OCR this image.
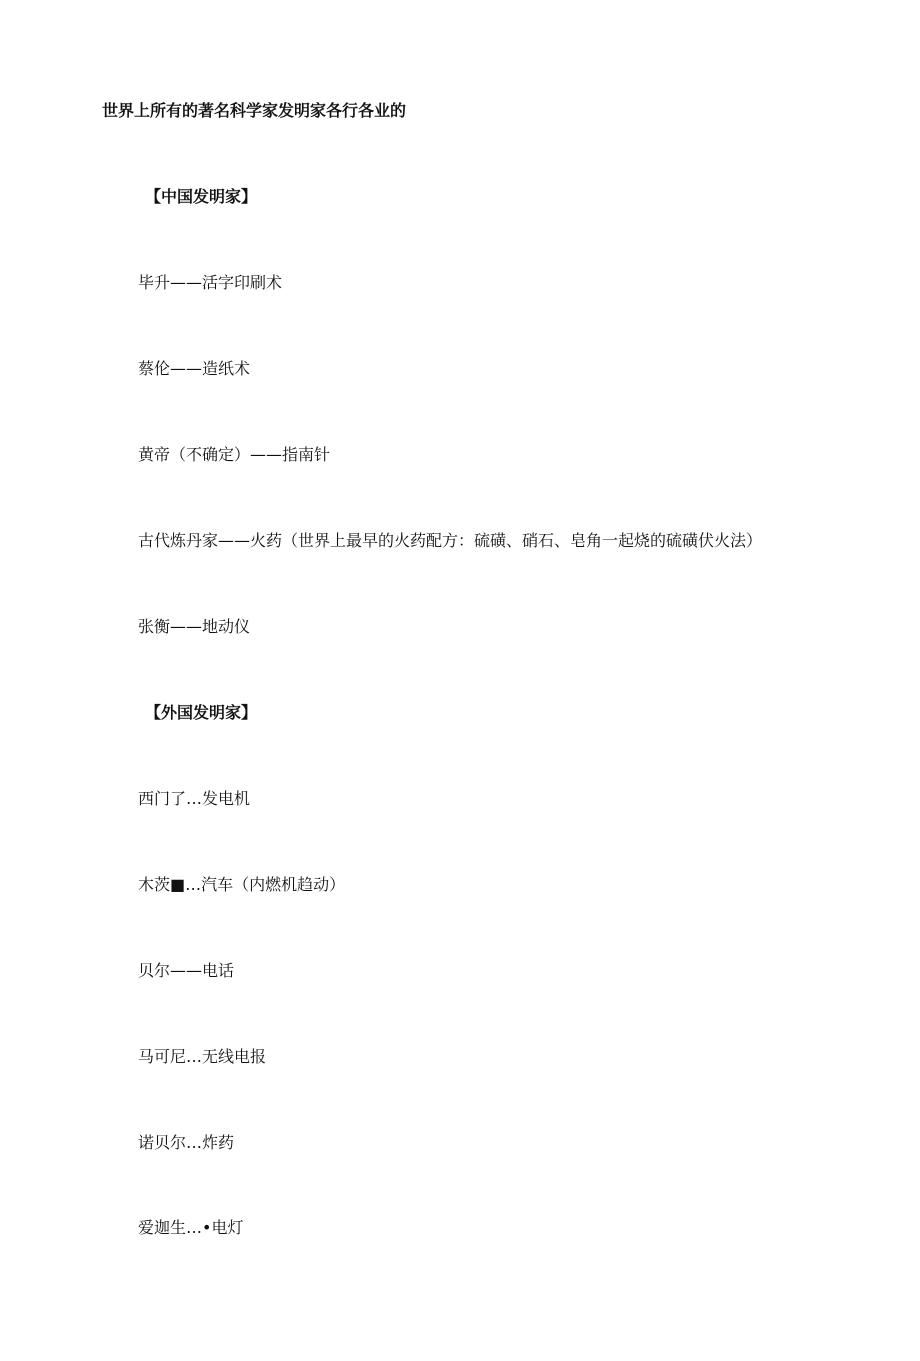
世界上所有的著名科学家发明家各行各业的
【中国发明家】
毕升——活字印刷术
蔡伦——造纸术
黄帝（不确定）——指南针
古代炼丹家——火药（世界上最早的火药配方：硫磺、硝石、皂角一起烧的硫磺伏火法）
张衡——地动仪
【外国发明家】
西门了…发电机
木茨■…汽车（内燃机趋动）
贝尔——电话
马可尼…无线电报
诺贝尔…炸药
爱迦生…•电灯
